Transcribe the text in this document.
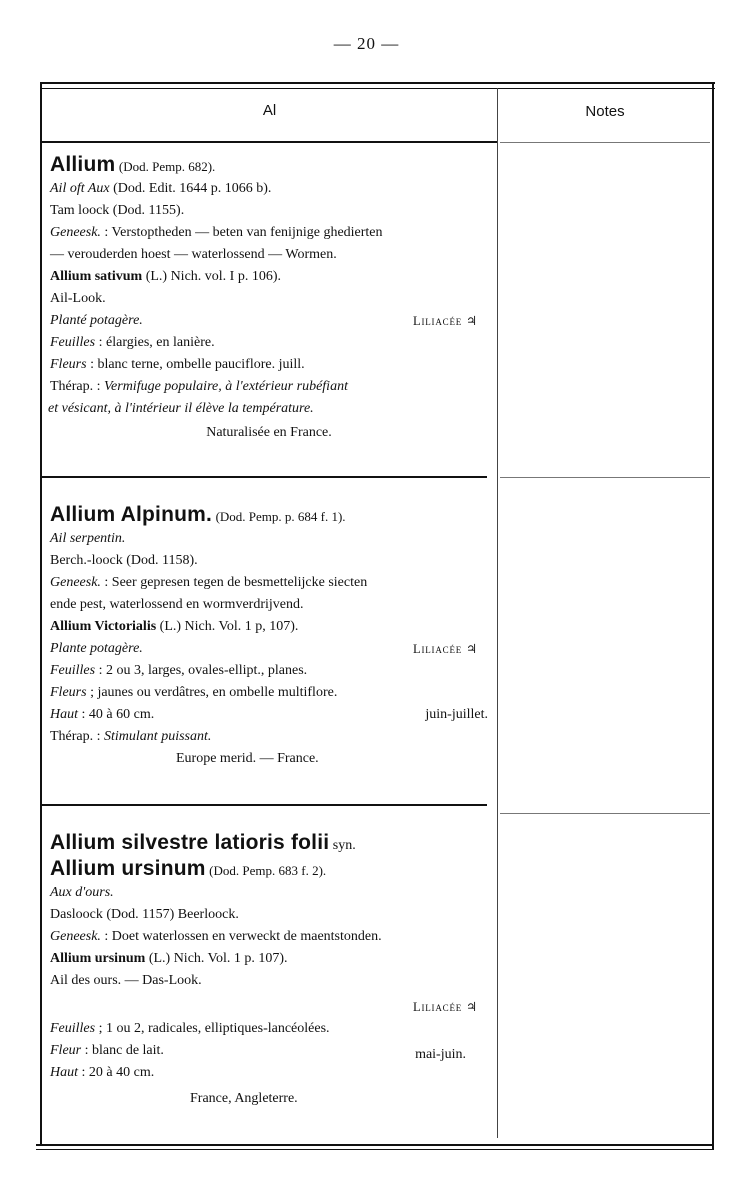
— 20 —
Al	Notes
Allium (Dod. Pemp. 682).
Ail oft Aux (Dod. Edit. 1644 p. 1066 b).
Tam loock (Dod. 1155).
Geneesk. : Verstoptheden — beten van fenijnige ghedierten
— verouderden hoest — waterlossend — Wormen.
Allium sativum (L.) Nich. vol. I p. 106).
Ail-Look.
Planté potagère.	Liliacée ♃
Feuilles : élargies, en lanière.
Fleurs : blanc terne, ombelle pauciflore. juill.
Thérap. : Vermifuge populaire, à l'extérieur rubéfiant
et vésicant, à l'intérieur il élève la température.
Naturalisée en France.
Allium Alpinum. (Dod. Pemp. p. 684 f. 1).
Ail serpentin.
Berch.-loock (Dod. 1158).
Geneesk. : Seer gepresen tegen de besmettelijcke siecten
ende pest, waterlossend en wormverdrijvend.
Allium Victorialis (L.) Nich. Vol. 1 p, 107).
Plante potagère.	Liliacée ♃
Feuilles : 2 ou 3, larges, ovales-ellipt., planes.
Fleurs ; jaunes ou verdâtres, en ombelle multiflore.
Haut : 40 à 60 cm.	juin-juillet.
Thérap. : Stimulant puissant.
Europe merid. — France.
Allium silvestre latioris folii syn.
Allium ursinum (Dod. Pemp. 683 f. 2).
Aux d'ours.
Dasloock (Dod. 1157) Beerloock.
Geneesk. : Doet waterlossen en verweckt de maentstonden.
Allium ursinum (L.) Nich. Vol. 1 p. 107).
Ail des ours. — Das-Look.
Liliacée ♃
Feuilles ; 1 ou 2, radicales, elliptiques-lancéolées.
Fleur : blanc de lait.	mai-juin.
Haut : 20 à 40 cm.
France, Angleterre.
